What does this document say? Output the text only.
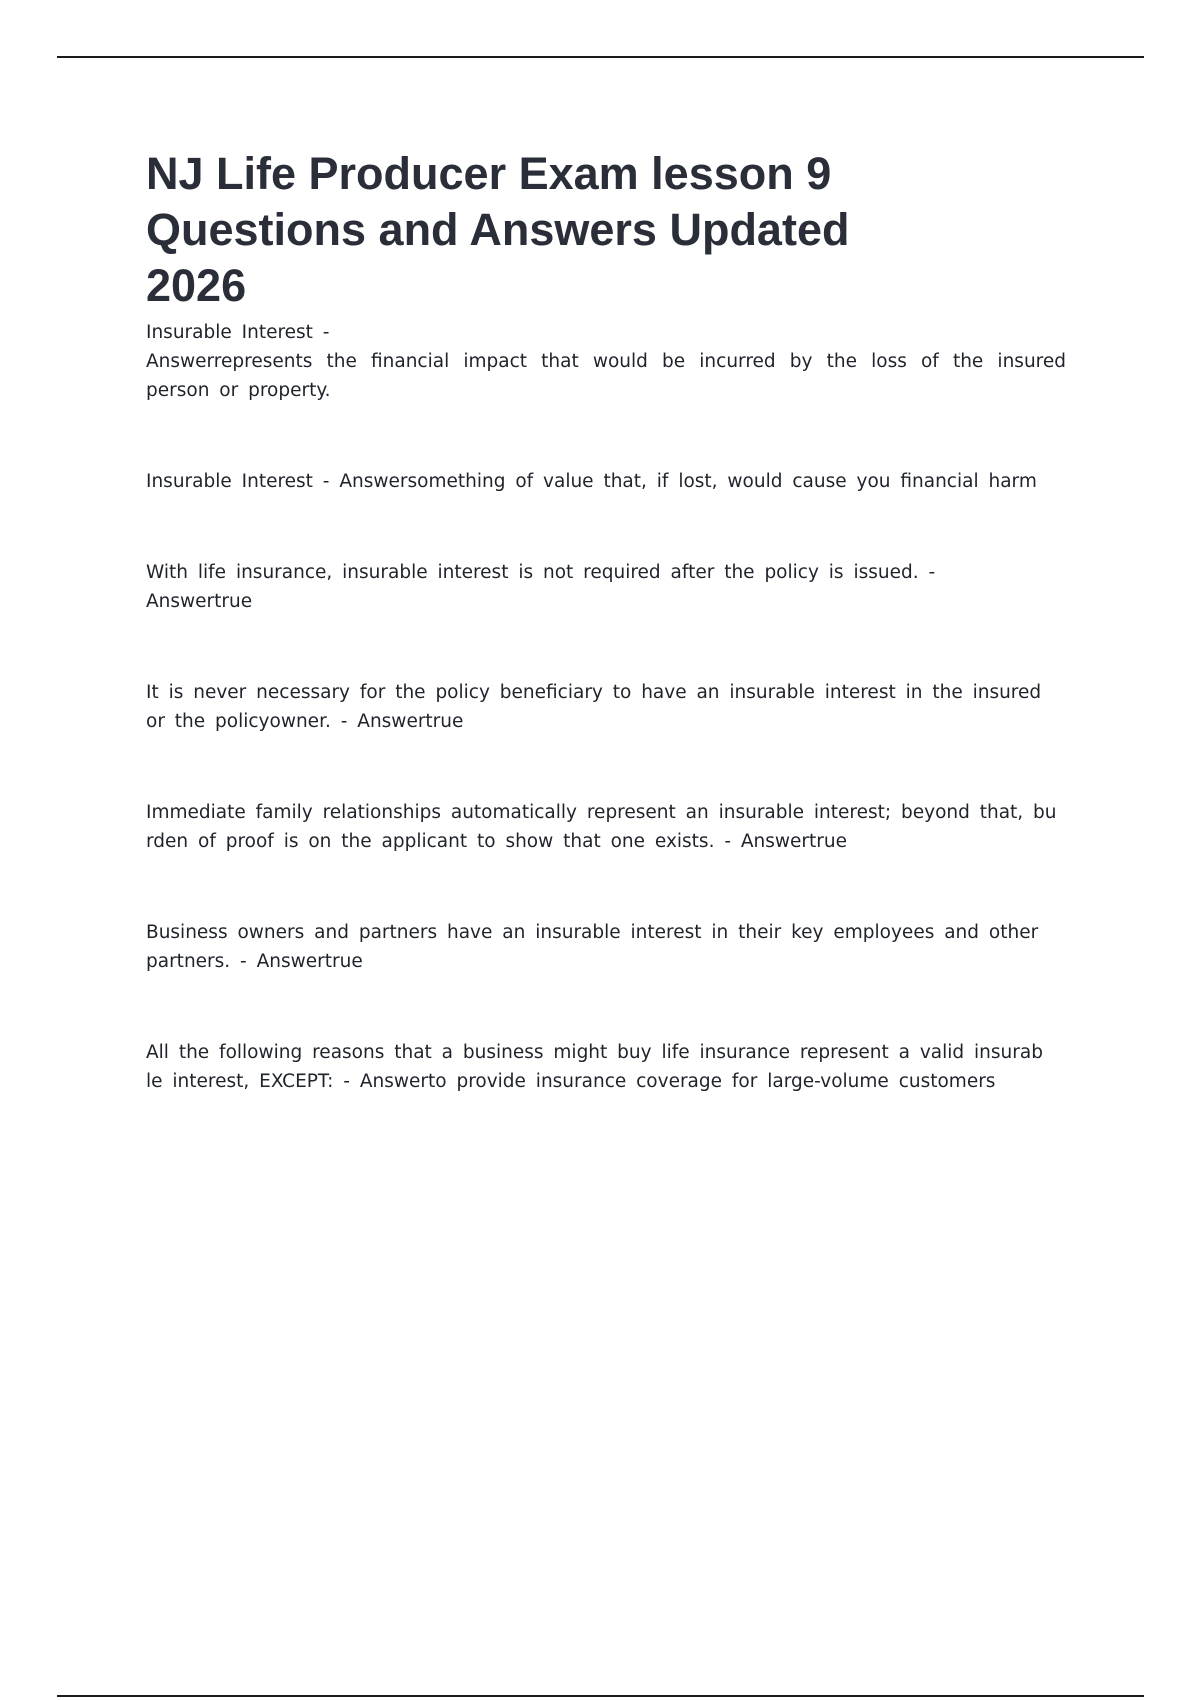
NJ Life Producer Exam lesson 9 Questions and Answers Updated 2026

Insurable Interest -
Answerrepresents the financial impact that would be incurred by the loss of the insured person or property.

Insurable Interest - Answersomething of value that, if lost, would cause you financial harm

With life insurance, insurable interest is not required after the policy is issued. -
Answertrue

It is never necessary for the policy beneficiary to have an insurable interest in the insured
or the policyowner. - Answertrue

Immediate family relationships automatically represent an insurable interest; beyond that, bu
rden of proof is on the applicant to show that one exists. - Answertrue

Business owners and partners have an insurable interest in their key employees and other
partners. - Answertrue

All the following reasons that a business might buy life insurance represent a valid insurab
le interest, EXCEPT: - Answerto provide insurance coverage for large-volume customers
